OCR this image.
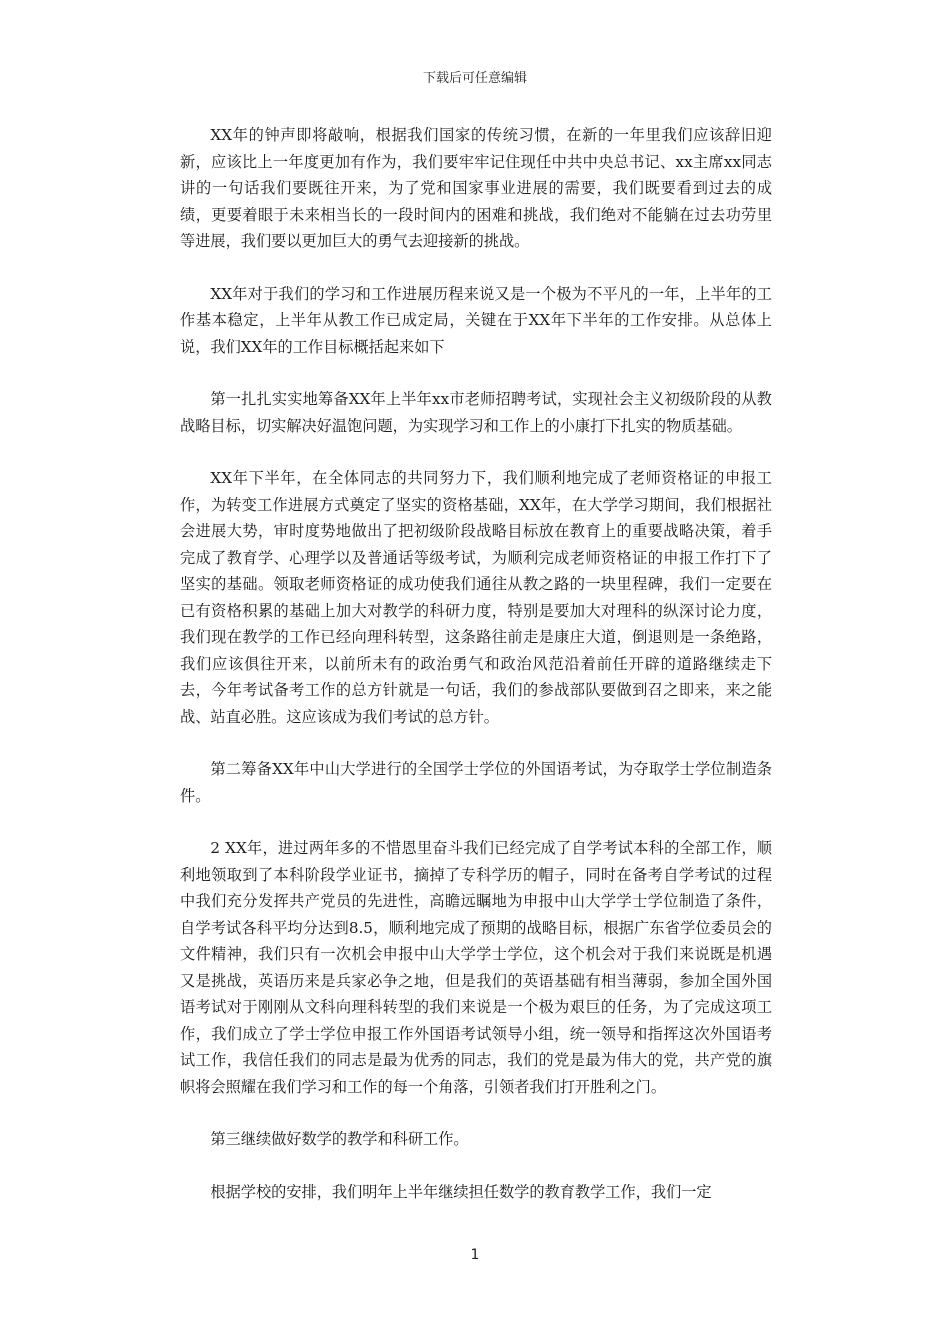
下载后可任意编辑

XX年的钟声即将敲响，根据我们国家的传统习惯，在新的一年里我们应该辞旧迎新，应该比上一年度更加有作为，我们要牢牢记住现任中共中央总书记、xx主席xx同志讲的一句话我们要既往开来，为了党和国家事业进展的需要，我们既要看到过去的成绩，更要着眼于未来相当长的一段时间内的困难和挑战，我们绝对不能躺在过去功劳里等进展，我们要以更加巨大的勇气去迎接新的挑战。

XX年对于我们的学习和工作进展历程来说又是一个极为不平凡的一年，上半年的工作基本稳定，上半年从教工作已成定局，关键在于XX年下半年的工作安排。从总体上说，我们XX年的工作目标概括起来如下

第一扎扎实实地筹备XX年上半年xx市老师招聘考试，实现社会主义初级阶段的从教战略目标，切实解决好温饱问题，为实现学习和工作上的小康打下扎实的物质基础。

XX年下半年，在全体同志的共同努力下，我们顺利地完成了老师资格证的申报工作，为转变工作进展方式奠定了坚实的资格基础，XX年，在大学学习期间，我们根据社会进展大势，审时度势地做出了把初级阶段战略目标放在教育上的重要战略决策，着手完成了教育学、心理学以及普通话等级考试，为顺利完成老师资格证的申报工作打下了坚实的基础。领取老师资格证的成功使我们通往从教之路的一块里程碑，我们一定要在已有资格积累的基础上加大对教学的科研力度，特别是要加大对理科的纵深讨论力度，我们现在教学的工作已经向理科转型，这条路往前走是康庄大道，倒退则是一条绝路，我们应该俱往开来，以前所未有的政治勇气和政治风范沿着前任开辟的道路继续走下去，今年考试备考工作的总方针就是一句话，我们的参战部队要做到召之即来，来之能战、站直必胜。这应该成为我们考试的总方针。

第二筹备XX年中山大学进行的全国学士学位的外国语考试，为夺取学士学位制造条件。

2 XX年，进过两年多的不惜恩里奋斗我们已经完成了自学考试本科的全部工作，顺利地领取到了本科阶段学业证书，摘掉了专科学历的帽子，同时在备考自学考试的过程中我们充分发挥共产党员的先进性，高瞻远瞩地为申报中山大学学士学位制造了条件，自学考试各科平均分达到8.5，顺利地完成了预期的战略目标，根据广东省学位委员会的文件精神，我们只有一次机会申报中山大学学士学位，这个机会对于我们来说既是机遇又是挑战，英语历来是兵家必争之地，但是我们的英语基础有相当薄弱，参加全国外国语考试对于刚刚从文科向理科转型的我们来说是一个极为艰巨的任务，为了完成这项工作，我们成立了学士学位申报工作外国语考试领导小组，统一领导和指挥这次外国语考试工作，我信任我们的同志是最为优秀的同志，我们的党是最为伟大的党，共产党的旗帜将会照耀在我们学习和工作的每一个角落，引领者我们打开胜利之门。

第三继续做好数学的教学和科研工作。

根据学校的安排，我们明年上半年继续担任数学的教育教学工作，我们一定

1
